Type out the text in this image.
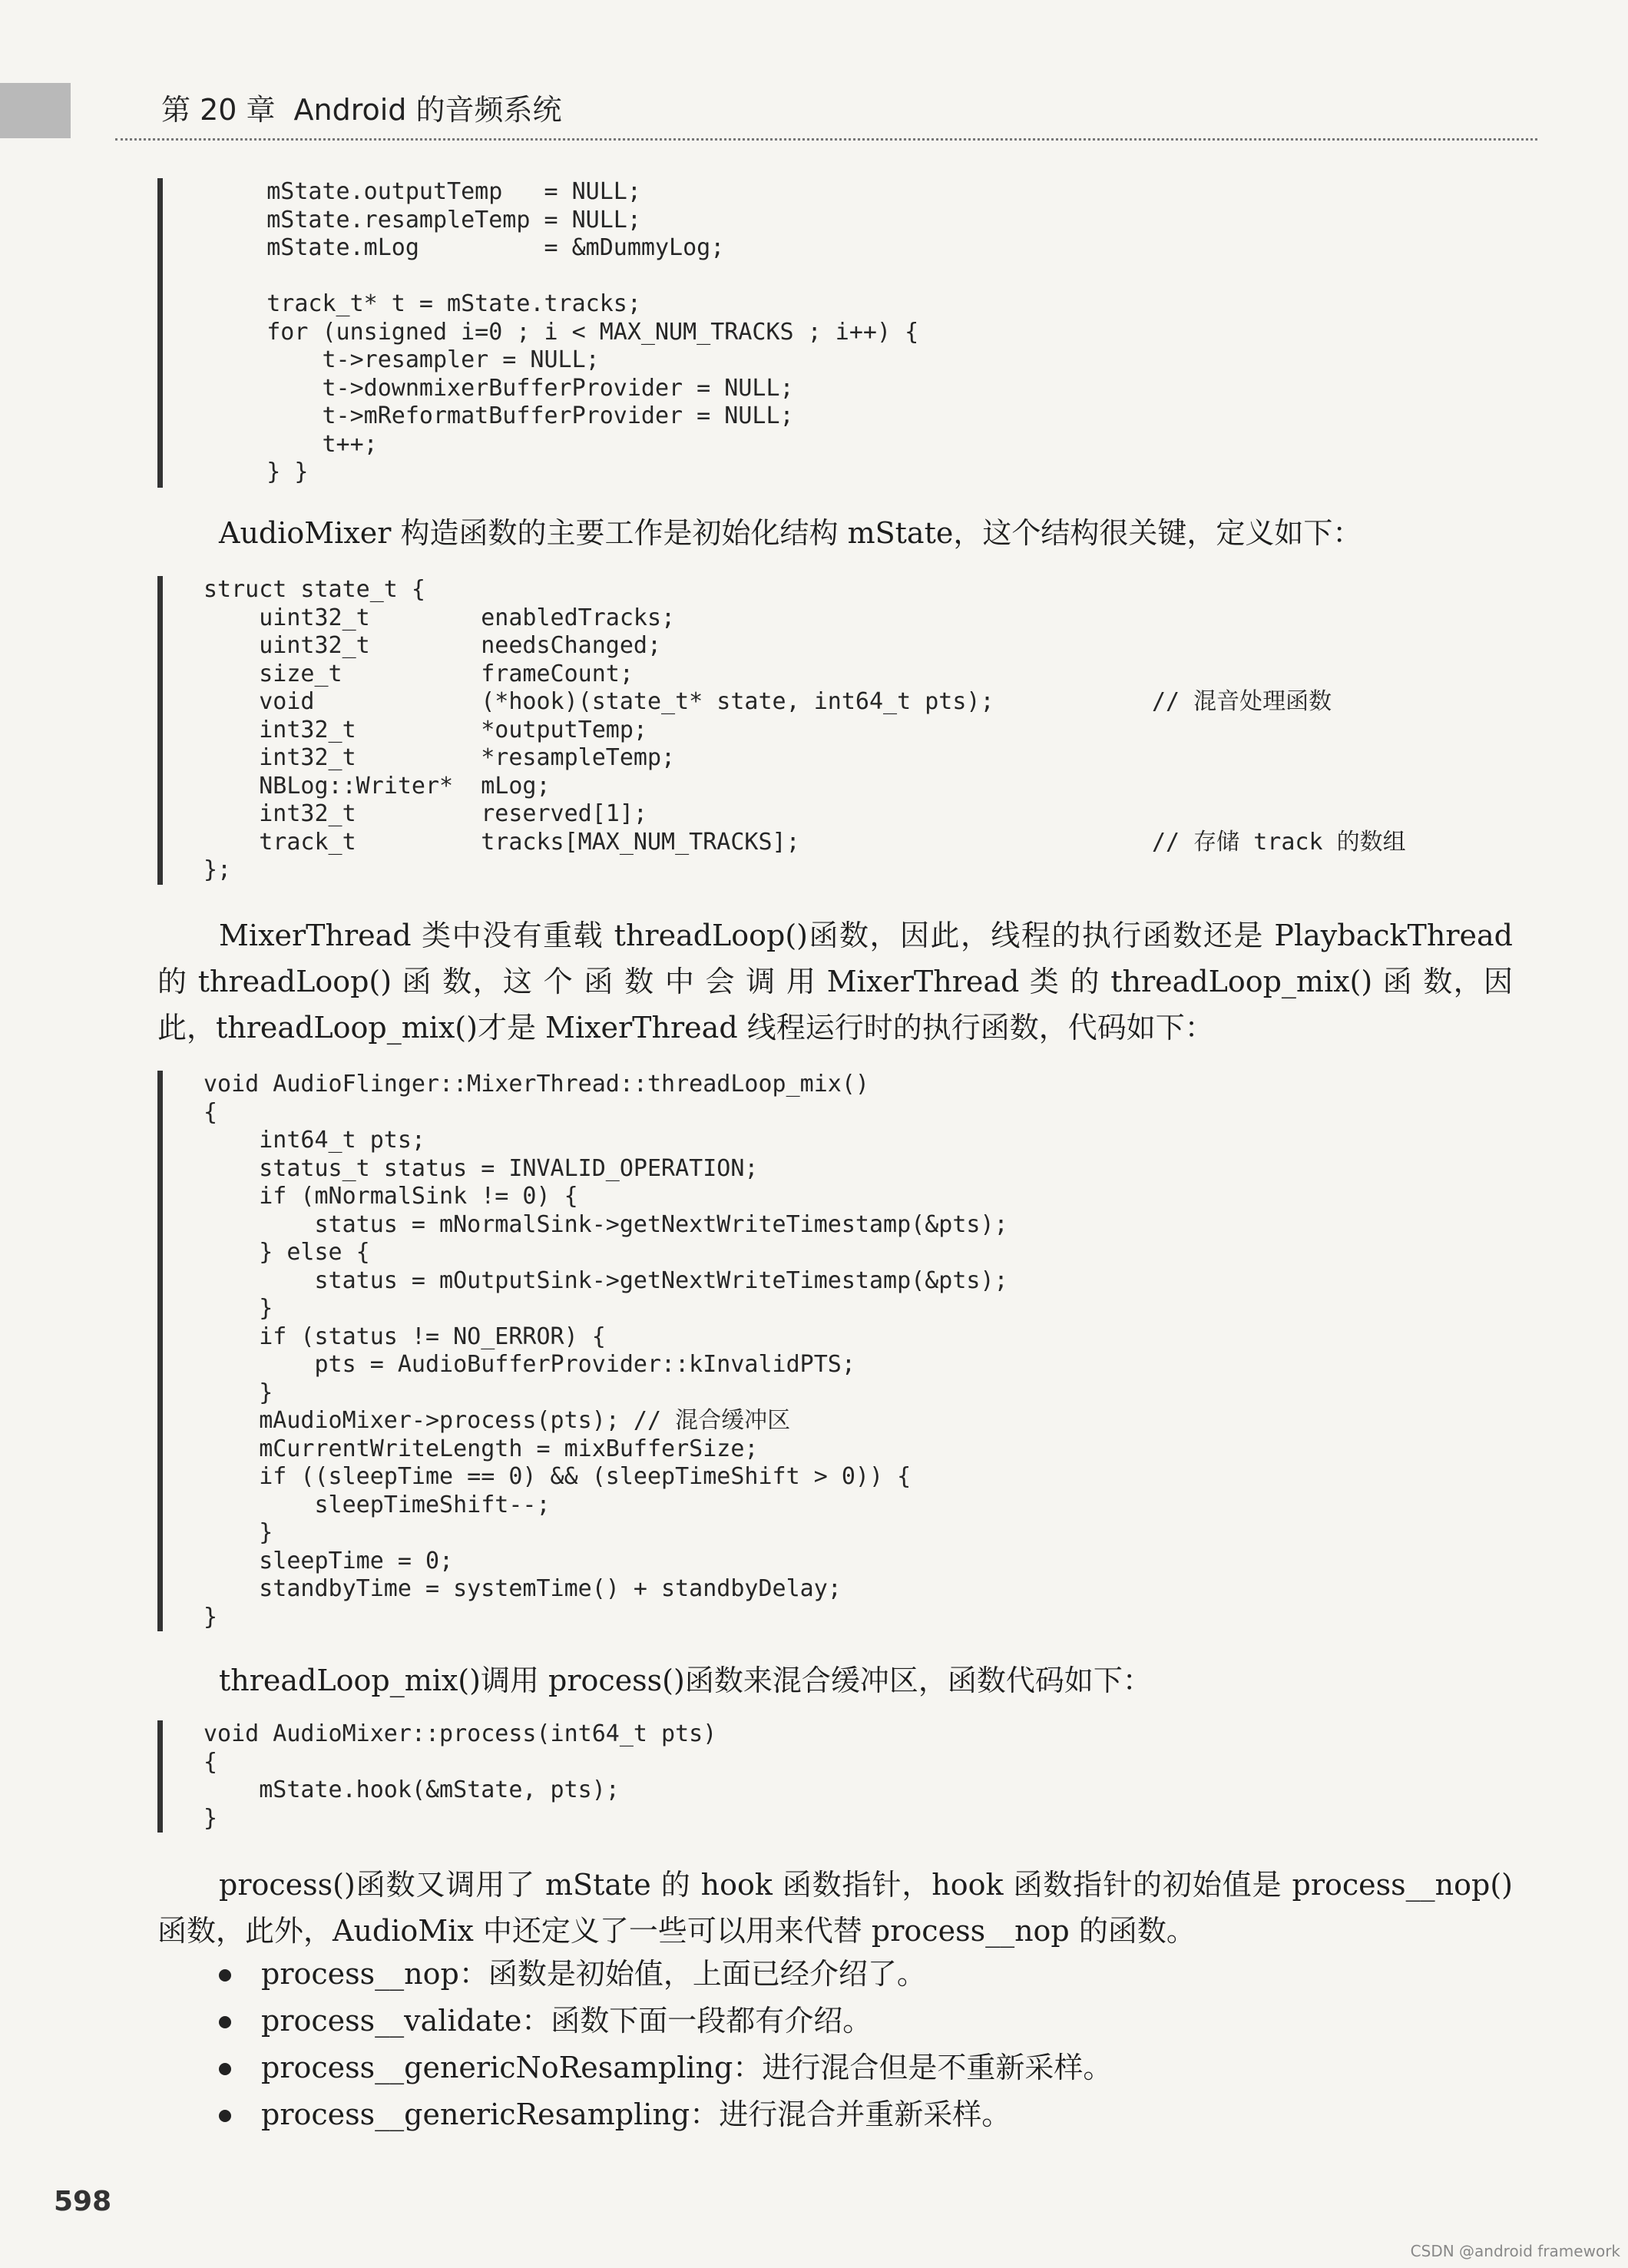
第 20 章 Android 的音频系统
mState.outputTemp   = NULL;
mState.resampleTemp = NULL;
mState.mLog         = &mDummyLog;
track_t* t = mState.tracks;
for (unsigned i=0 ; i < MAX_NUM_TRACKS ; i++) {
t->resampler = NULL;
t->downmixerBufferProvider = NULL;
t->mReformatBufferProvider = NULL;
t++;
} }

AudioMixer 构造函数的主要工作是初始化结构 mState，这个结构很关键，定义如下：

struct state_t {
uint32_t        enabledTracks;
uint32_t        needsChanged;
size_t          frameCount;
void            (*hook)(state_t* state, int64_t pts);	// 混音处理函数
int32_t         *outputTemp;
int32_t         *resampleTemp;
NBLog::Writer*  mLog;
int32_t         reserved[1];
track_t         tracks[MAX_NUM_TRACKS];	// 存储 track 的数组
};

MixerThread 类中没有重载 threadLoop()函数，因此，线程的执行函数还是 PlaybackThread 的 threadLoop() 函 数，这 个 函 数 中 会 调 用 MixerThread 类 的 threadLoop_mix() 函 数，因 此，threadLoop_mix()才是 MixerThread 线程运行时的执行函数，代码如下：

void AudioFlinger::MixerThread::threadLoop_mix()
{
int64_t pts;
status_t status = INVALID_OPERATION;
if (mNormalSink != 0) {
status = mNormalSink->getNextWriteTimestamp(&pts);
} else {
status = mOutputSink->getNextWriteTimestamp(&pts);
}
if (status != NO_ERROR) {
pts = AudioBufferProvider::kInvalidPTS;
}
mAudioMixer->process(pts); // 混合缓冲区
mCurrentWriteLength = mixBufferSize;
if ((sleepTime == 0) && (sleepTimeShift > 0)) {
sleepTimeShift--;
}
sleepTime = 0;
standbyTime = systemTime() + standbyDelay;
}

threadLoop_mix()调用 process()函数来混合缓冲区，函数代码如下：

void AudioMixer::process(int64_t pts)
{
mState.hook(&mState, pts);
}

process()函数又调用了 mState 的 hook 函数指针，hook 函数指针的初始值是 process__nop()函数，此外，AudioMix 中还定义了一些可以用来代替 process__nop 的函数。

process__nop：函数是初始值，上面已经介绍了。
process__validate：函数下面一段都有介绍。
process__genericNoResampling：进行混合但是不重新采样。
process__genericResampling：进行混合并重新采样。
598
CSDN @android framework
